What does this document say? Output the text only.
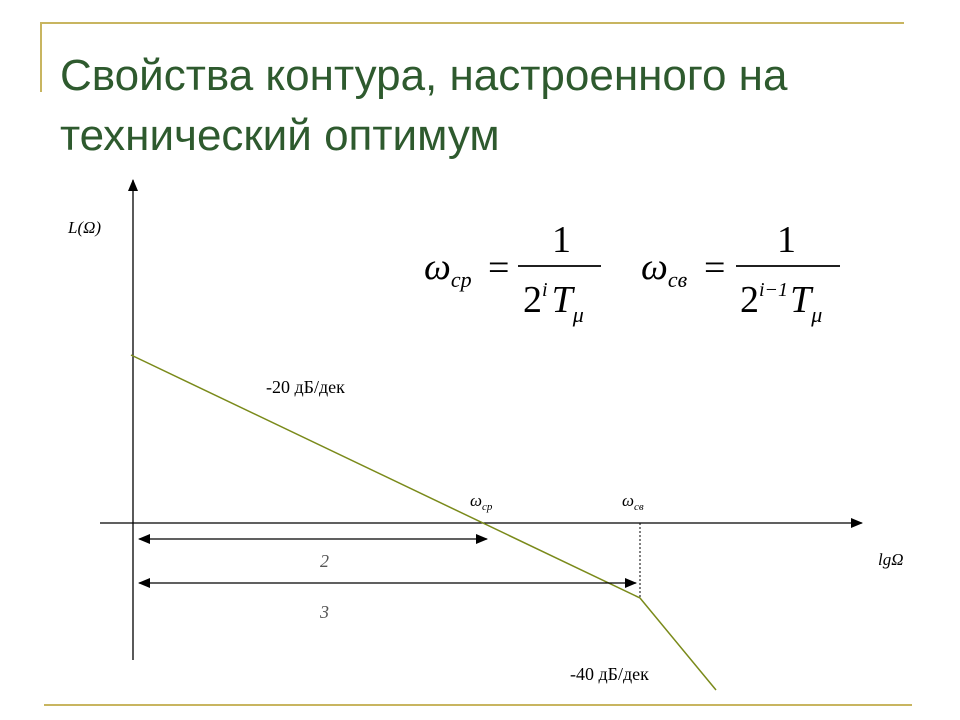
Свойства контура, настроенного на
технический оптимум
L(Ω)
lgΩ
-20 дБ/дек
-40 дБ/дек
$\omega_{ср}$	$\omega_{св}$
2
3
$\omega_{ср}$ =
1
2$^i$ $T_\mu$
$\omega_{св}$ =
1
$2^{i-1}T_\mu$
